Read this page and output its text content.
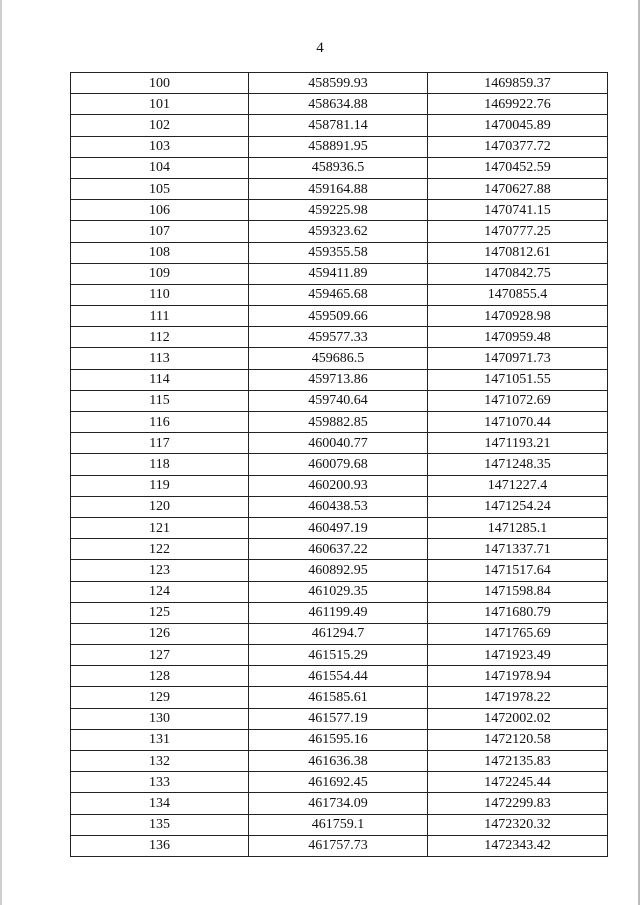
4
100	458599.93	1469859.37
101	458634.88	1469922.76
102	458781.14	1470045.89
103	458891.95	1470377.72
104	458936.5	1470452.59
105	459164.88	1470627.88
106	459225.98	1470741.15
107	459323.62	1470777.25
108	459355.58	1470812.61
109	459411.89	1470842.75
110	459465.68	1470855.4
111	459509.66	1470928.98
112	459577.33	1470959.48
113	459686.5	1470971.73
114	459713.86	1471051.55
115	459740.64	1471072.69
116	459882.85	1471070.44
117	460040.77	1471193.21
118	460079.68	1471248.35
119	460200.93	1471227.4
120	460438.53	1471254.24
121	460497.19	1471285.1
122	460637.22	1471337.71
123	460892.95	1471517.64
124	461029.35	1471598.84
125	461199.49	1471680.79
126	461294.7	1471765.69
127	461515.29	1471923.49
128	461554.44	1471978.94
129	461585.61	1471978.22
130	461577.19	1472002.02
131	461595.16	1472120.58
132	461636.38	1472135.83
133	461692.45	1472245.44
134	461734.09	1472299.83
135	461759.1	1472320.32
136	461757.73	1472343.42
